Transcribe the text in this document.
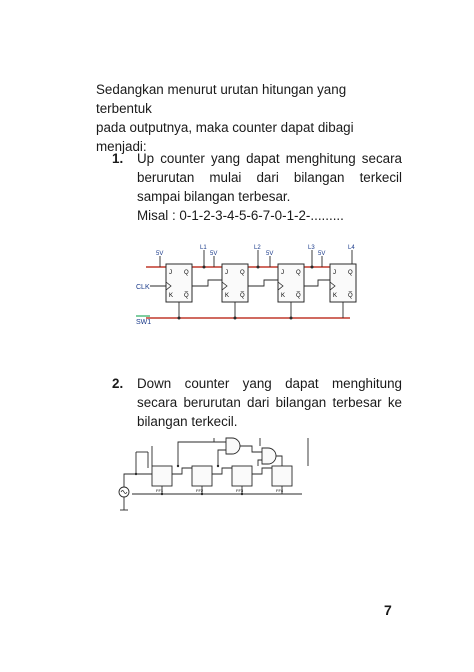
Sedangkan menurut urutan hitungan yang terbentuk
pada outputnya, maka counter dapat dibagi menjadi:
1.	Up counter yang dapat menghitung secara berurutan mulai dari bilangan terkecil sampai bilangan terbesar.

Misal : 0-1-2-3-4-5-6-7-0-1-2-.........

CLK
SW1
J
K
Q
Q̅
J
K
Q
Q̅
J
K
Q
Q̅
J
K
Q
Q̅
L1	L2	L3	L4
5V	5V	5V	5V
2.	Down counter yang dapat menghitung secara berurutan dari bilangan terbesar ke bilangan terkecil.

FF1	FF2	FF3	FF4
7
